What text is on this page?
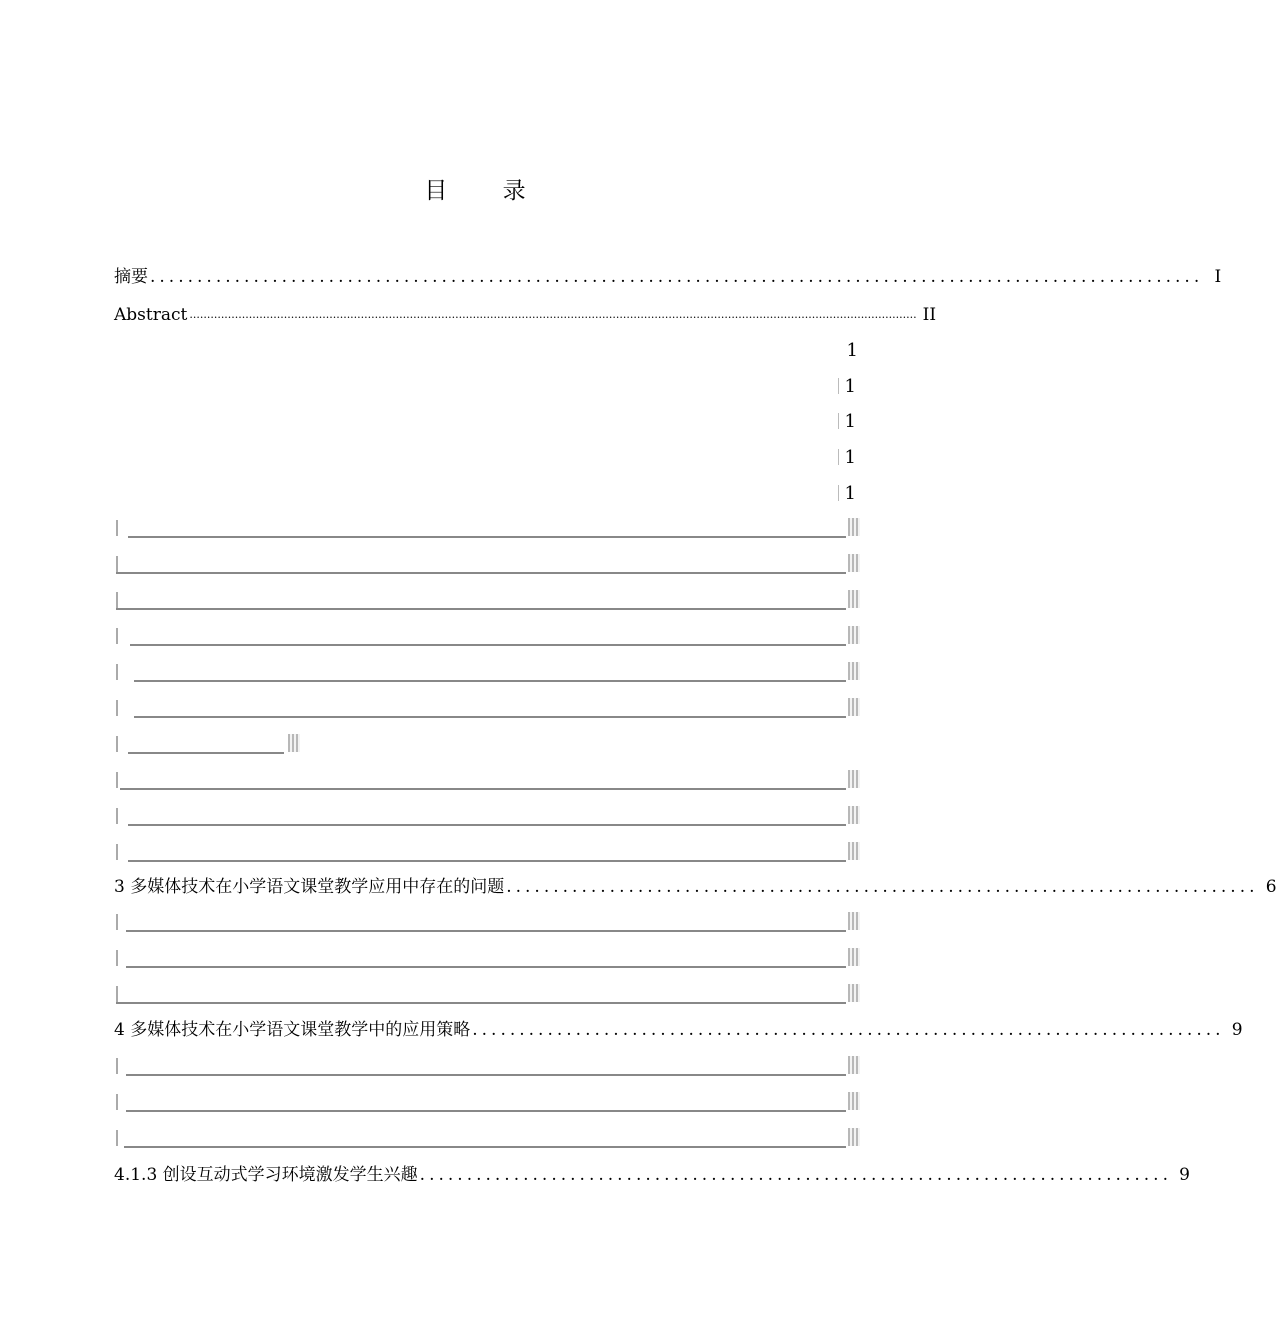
目 录
摘要 ................................................................................................................ I
Abstract ................................................................................................................................................................................................................ II
1
1
1
1
1
3 多媒体技术在小学语文课堂教学应用中存在的问题 ................................................................................ 6
4 多媒体技术在小学语文课堂教学中的应用策略 ................................................................................ 9
4.1.3 创设互动式学习环境激发学生兴趣 ................................................................................ 9
